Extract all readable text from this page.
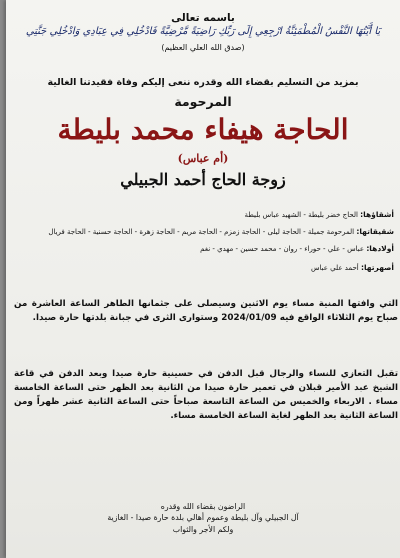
باسمه تعالى
يَا أَيَّتُهَا النَّفْسُ الْمُطْمَئِنَّةُ ارْجِعِي إِلَى رَبِّكِ رَاضِيَةً مَّرْضِيَّةً فَادْخُلِي فِي عِبَادِي وَادْخُلِي جَنَّتِي
(صدق الله العلي العظيم)
بمزيد من التسليم بقضاء الله وقدره ننعى إليكم وفاة فقيدتنا الغالية
المرحومة
الحاجة هيفاء محمد بليطة
(أم عباس)
زوجة الحاج أحمد الجبيلي
أشقاؤها: الحاج خضر بليطة - الشهيد عباس بليطة
شقيقاتها: المرحومة جميلة - الحاجة ليلى - الحاجة زمزم - الحاجة مريم - الحاجة زهرة - الحاجة حسنية - الحاجة فريال
أولادها: عباس - علي - حوراء - روان - محمد حسين - مهدي - نغم
أصهرتها: أحمد علي عباس
التي وافتها المنية مساء يوم الاثنين وسيصلى على جثمانها الطاهر الساعة العاشرة من صباح يوم الثلاثاء الواقع فيه 2024/01/09 وستوارى الثرى في جبانة بلدتها حارة صيدا.
تقبل التعازي للنساء والرجال قبل الدفن في حسينية حارة صيدا وبعد الدفن في قاعة الشيخ عبد الأمير قبلان في تعمير حارة صيدا من الثانية بعد الظهر حتى الساعة الخامسة مساء . الاربعاء والخميس من الساعة التاسعة صباحاً حتى الساعة الثانية عشر ظهراً ومن الساعة الثانية بعد الظهر لغاية الساعة الخامسة مساء.
الراضون بقضاء الله وقدره
آل الجبيلي وآل بليطة وعموم أهالي بلدة حارة صيدا - الغازية
ولكم الأجر والثواب
